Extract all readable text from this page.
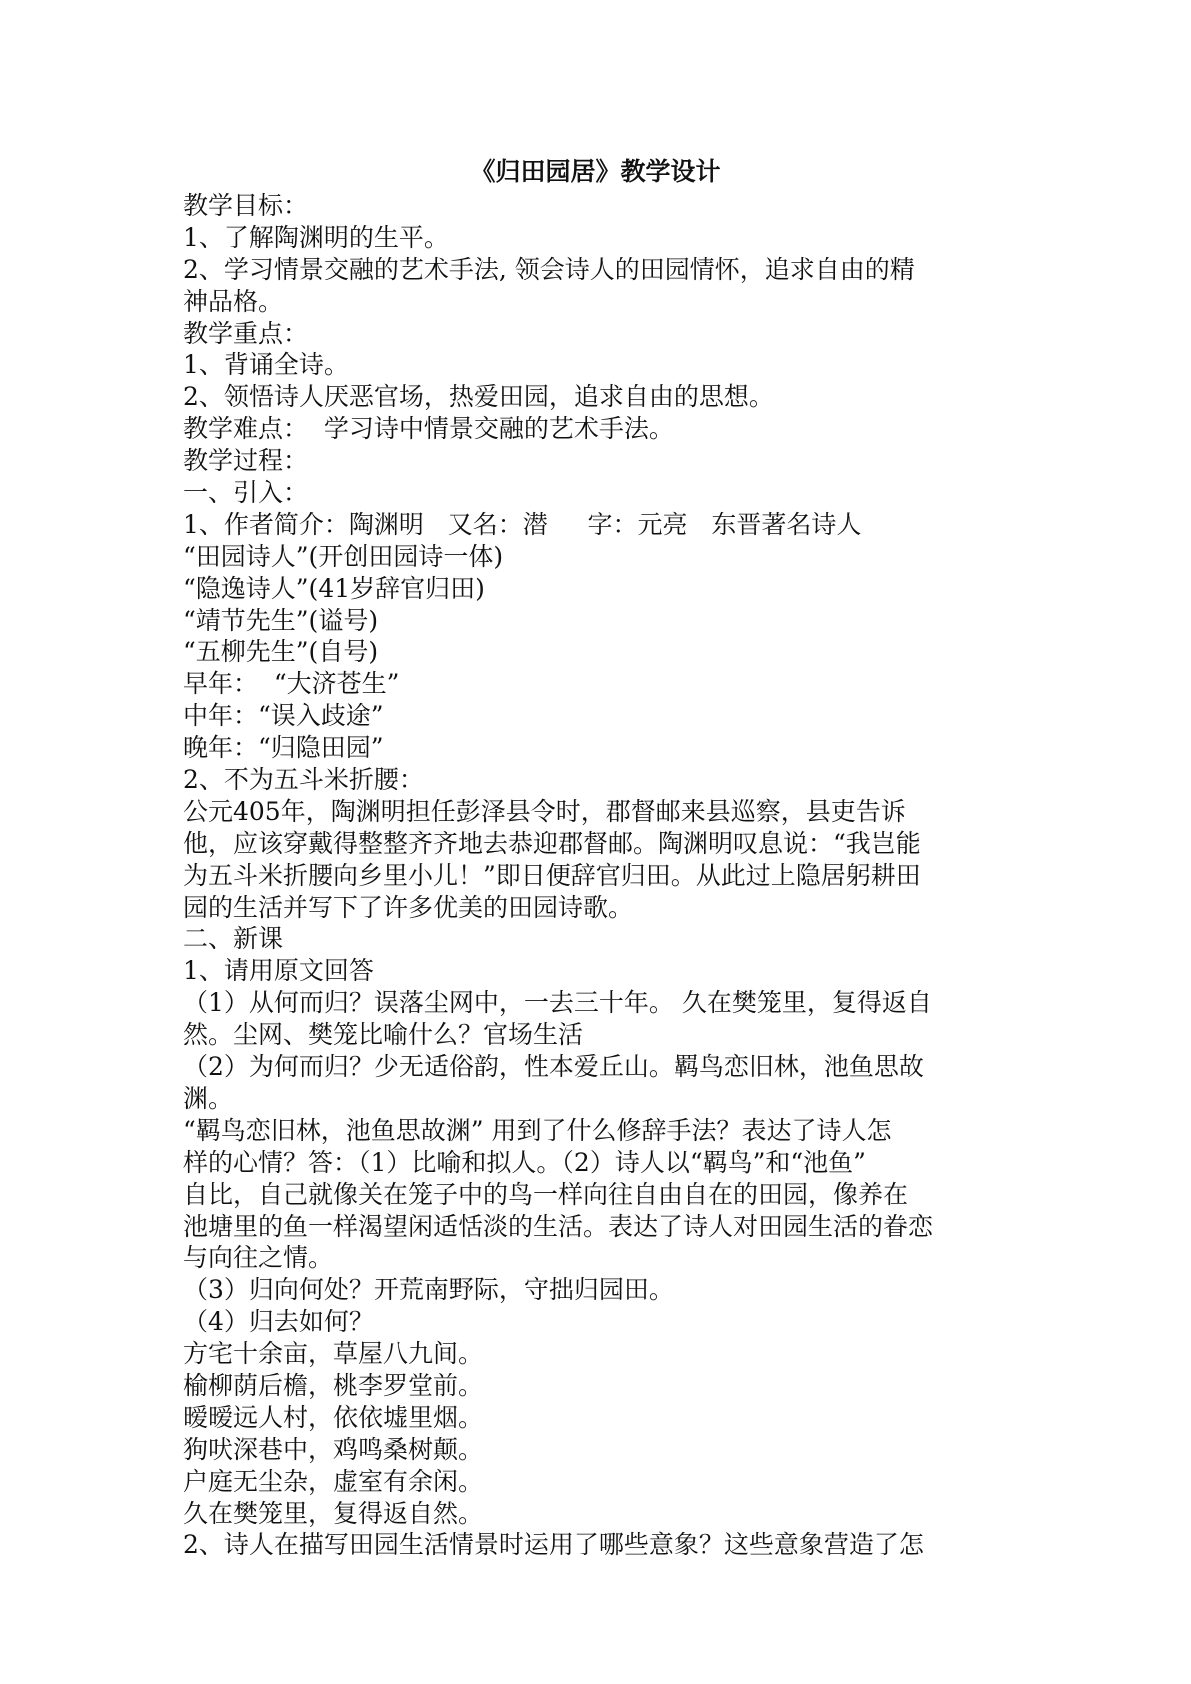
《归田园居》教学设计
教学目标：
1、了解陶渊明的生平。
2、学习情景交融的艺术手法, 领会诗人的田园情怀，追求自由的精
神品格。
教学重点：
1、背诵全诗。
2、领悟诗人厌恶官场，热爱田园，追求自由的思想。
教学难点：  学习诗中情景交融的艺术手法。
教学过程：
一、引入：
1、作者简介：陶渊明   又名：潜     字：元亮   东晋著名诗人
“田园诗人”(开创田园诗一体)
“隐逸诗人”(41岁辞官归田)
“靖节先生”(谥号)
“五柳先生”(自号)
早年：  “大济苍生”
中年：“误入歧途”
晚年：“归隐田园”
2、不为五斗米折腰：
公元405年，陶渊明担任彭泽县令时，郡督邮来县巡察，县吏告诉
他，应该穿戴得整整齐齐地去恭迎郡督邮。陶渊明叹息说：“我岂能
为五斗米折腰向乡里小儿！”即日便辞官归田。从此过上隐居躬耕田
园的生活并写下了许多优美的田园诗歌。
二、新课
1、请用原文回答
（1）从何而归？误落尘网中，一去三十年。 久在樊笼里，复得返自
然。尘网、樊笼比喻什么？官场生活
（2）为何而归？少无适俗韵，性本爱丘山。羁鸟恋旧林，池鱼思故
渊。
“羁鸟恋旧林，池鱼思故渊” 用到了什么修辞手法？表达了诗人怎
样的心情？答：（1）比喻和拟人。（2）诗人以“羁鸟”和“池鱼”
自比，自己就像关在笼子中的鸟一样向往自由自在的田园，像养在
池塘里的鱼一样渴望闲适恬淡的生活。表达了诗人对田园生活的眷恋
与向往之情。
（3）归向何处？开荒南野际，守拙归园田。
（4）归去如何？
方宅十余亩，草屋八九间。
榆柳荫后檐，桃李罗堂前。
暧暧远人村，依依墟里烟。
狗吠深巷中，鸡鸣桑树颠。
户庭无尘杂，虚室有余闲。
久在樊笼里，复得返自然。
2、诗人在描写田园生活情景时运用了哪些意象？这些意象营造了怎
